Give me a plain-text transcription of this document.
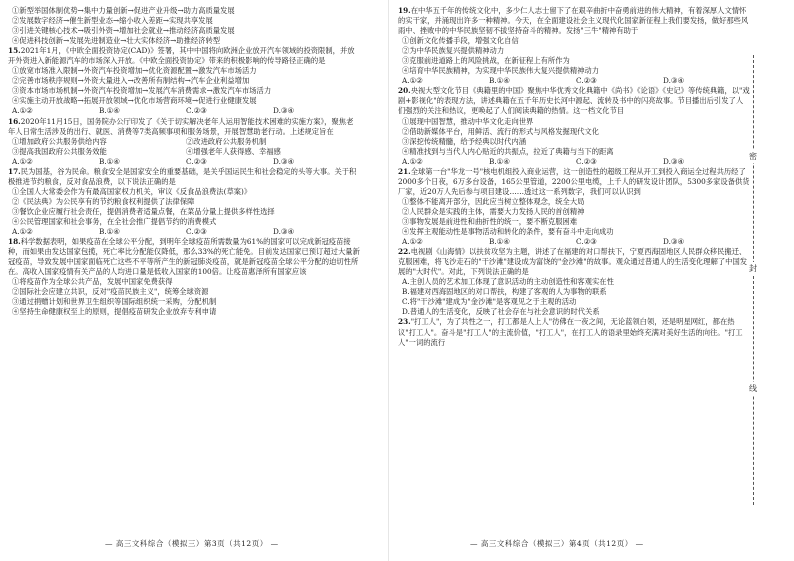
①新型举国体制优势→集中力量创新→促进产业升级→助力高质量发展
②发展数字经济→催生新型业态→缩小收入差距→实现共享发展
③引进关键核心技术→吸引外资→增加社会就业→推动经济高质量发展
④促进科技创新→发展先进制造业→壮大实体经济→助推经济转型
15.2021年1月，《中欧全面投资协定(CAD)》签署，其中中国将向欧洲企业放开汽车领域的投资限制，并放开外资进入新能源汽车的市场深入开放。《中欧全面投资协定》带来的积极影响的传导路径正确的是
①放宽市场准入限制→外资汽车投资增加→优化资源配置→激发汽车市场活力
②完善市场秩序规则→外资大量进入→改善所有制结构→汽车企业利益增加
③资本市场市场机制→外资汽车投资增加→发展汽车消费需求→激发汽车市场活力
④实施主动开放战略→拓展开放领域→优化市场营商环境→促进行业健康发展
A.①②	B.①④	C.②③	D.③④
16.2020年11月15日，国务院办公厅印发了《关于切实解决老年人运用智能技术困难的实施方案》，聚焦老年人日常生活涉及的出行、就医、消费等7类高频事项和服务场景，开展智慧助老行动。上述规定旨在
①增加政府公共服务供给内容	②改进政府公共服务机制
③提高我国政府公共服务效能	④增强老年人获得感、幸福感
A.①②	B.①④	C.②③	D.③④
17.民为国基，谷为民命。粮食安全是国家安全的重要基础，是关乎国运民生和社会稳定的头等大事。关于积极推进节约粮食，反对食品浪费，以下说法正确的是
①全国人大常委会作为有最高国家权力机关，审议《反食品浪费法(草案)》
②《民法典》为公民享有的节约粮食权利提供了法律保障
③餐饮企业应履行社会责任，提倡消费者适量点餐，在菜品分量上提供多样性选择
④公民管理国家和社会事务，在全社会推广提倡节约的消费模式
A.①②	B.①④	C.②③	D.③④
18.科学数据表明，如果疫苗在全球公平分配，到明年全球疫苗所需数量为61%的国家可以完成新冠疫苗接种，而如果由发达国家包揽，死亡率比分配能仅降低，那么33%的死亡能免。目前发达国家已预订超过大量新冠疫苗，导致发展中国家面临死亡这些不平等所产生的新冠肺炎疫苗，就是新冠疫苗全球公平分配的迫切性所在。高收入国家疫情有关产品的人均进口量是低收入国家的100倍。让疫苗惠泽所有国家应该
①将疫苗作为全球公共产品，发展中国家免费获得
②国际社会应建立共识，反对"疫苗民族主义"，统筹全球资源
③通过捐赠计划和世界卫生组织等国际组织统一采购，分配机制
④坚持生命健康权至上的原则，提倡疫苗研发企业放弃专利申请
19.在中华五千年的传统文化中，多少仁人志士留下了在艰辛曲折中奋勇前进的伟大精神，有着深厚人文情怀的实干家，并涌现出许多一种精神。今天，在全面建设社会主义现代化国家新征程上我们要发扬，做好那些风雨中、挫败中的中华民族坚韧不拔坚持奋斗的精神。发扬"三牛"精神有助于
①创新文化传播手段，增强文化自信
②为中华民族复兴提供精神动力
③克服前进道路上的风险挑战，在新征程上有所作为
④培育中华民族精神，为实现中华民族伟大复兴提供精神动力
A.①②	B.①④	C.②③	D.③④
20.央视大型文化节目《典籍里的中国》聚焦中华优秀文化典籍中《尚书》《论语》《史记》等传统典籍，以"戏剧+影视化"的表现方法，讲述典籍在五千年历史长河中源起、流转及书中的闪亮故事。节目播出后引发了人们强烈的关注和热议，更唤起了人们阅读典籍的热情。这一档文化节目
①展现中国智慧，推动中华文化走向世界
②借助新媒体平台，用鲜活、流行的形式与风格发掘现代文化
③深挖传统精髓，给予经典以时代内涵
④精准找到与当代人内心贴近的共振点，拉近了典籍与当下的距离
A.①②	B.①④	C.②③	D.③④
21.全球第一台"华龙一号"核电机组投入商业运营，这一创造性的超级工程从开工到投入商运全过程共历经了2000多个日夜，6万多台设备，165公里管道，2200公里电缆，上千人的研发设计团队，5300多家设备供货厂家，近20万人先后参与项目建设……透过这一系列数字，我们可以认识到
①整体不能离开部分，因此应当树立整体观念，统全大局
②人民群众是实践的主体，需要大力发扬人民的首创精神
③事物发展是前进性和曲折性的统一，要不断克服困难
④发挥主观能动性是事物活动和转化的条件，要有奋斗中走向成功
A.①②	B.①④	C.②③	D.③④
22.电视剧《山海情》以扶贫攻坚为主题，讲述了在福建的对口帮扶下，宁夏西海固地区人民群众移民搬迁、克服困难，将飞沙走石的"干沙滩"建设成为富饶的"金沙滩"的故事。观众通过普通人的生活变化理解了中国发展的"大时代"。对此，下列说法正确的是
A.主创人员的艺术加工体现了意识活动的主动创造性和客观实在性
B.福建对西海固地区的对口帮扶，构建了客观的人为事物的联系
C.将"干沙滩"建成为"金沙滩"是客观见之于主观的活动
D.普通人的生活变化，反映了社会存在与社会意识的时代关系
23."打工人"，为了共性之一，打工都是人上人"彷佛在一夜之间，无论蓝领白领，还是明星网红，都在热议"打工人"。奋斗是"打工人"的主流价值，"打工人"，在打工人的语录里始终充满对美好生活的向往。"打工人"一词的流行
— 高三文科综合（模拟三）第3页（共12页） —	— 高三文科综合（模拟三）第4页（共12页） —
密
封
线
